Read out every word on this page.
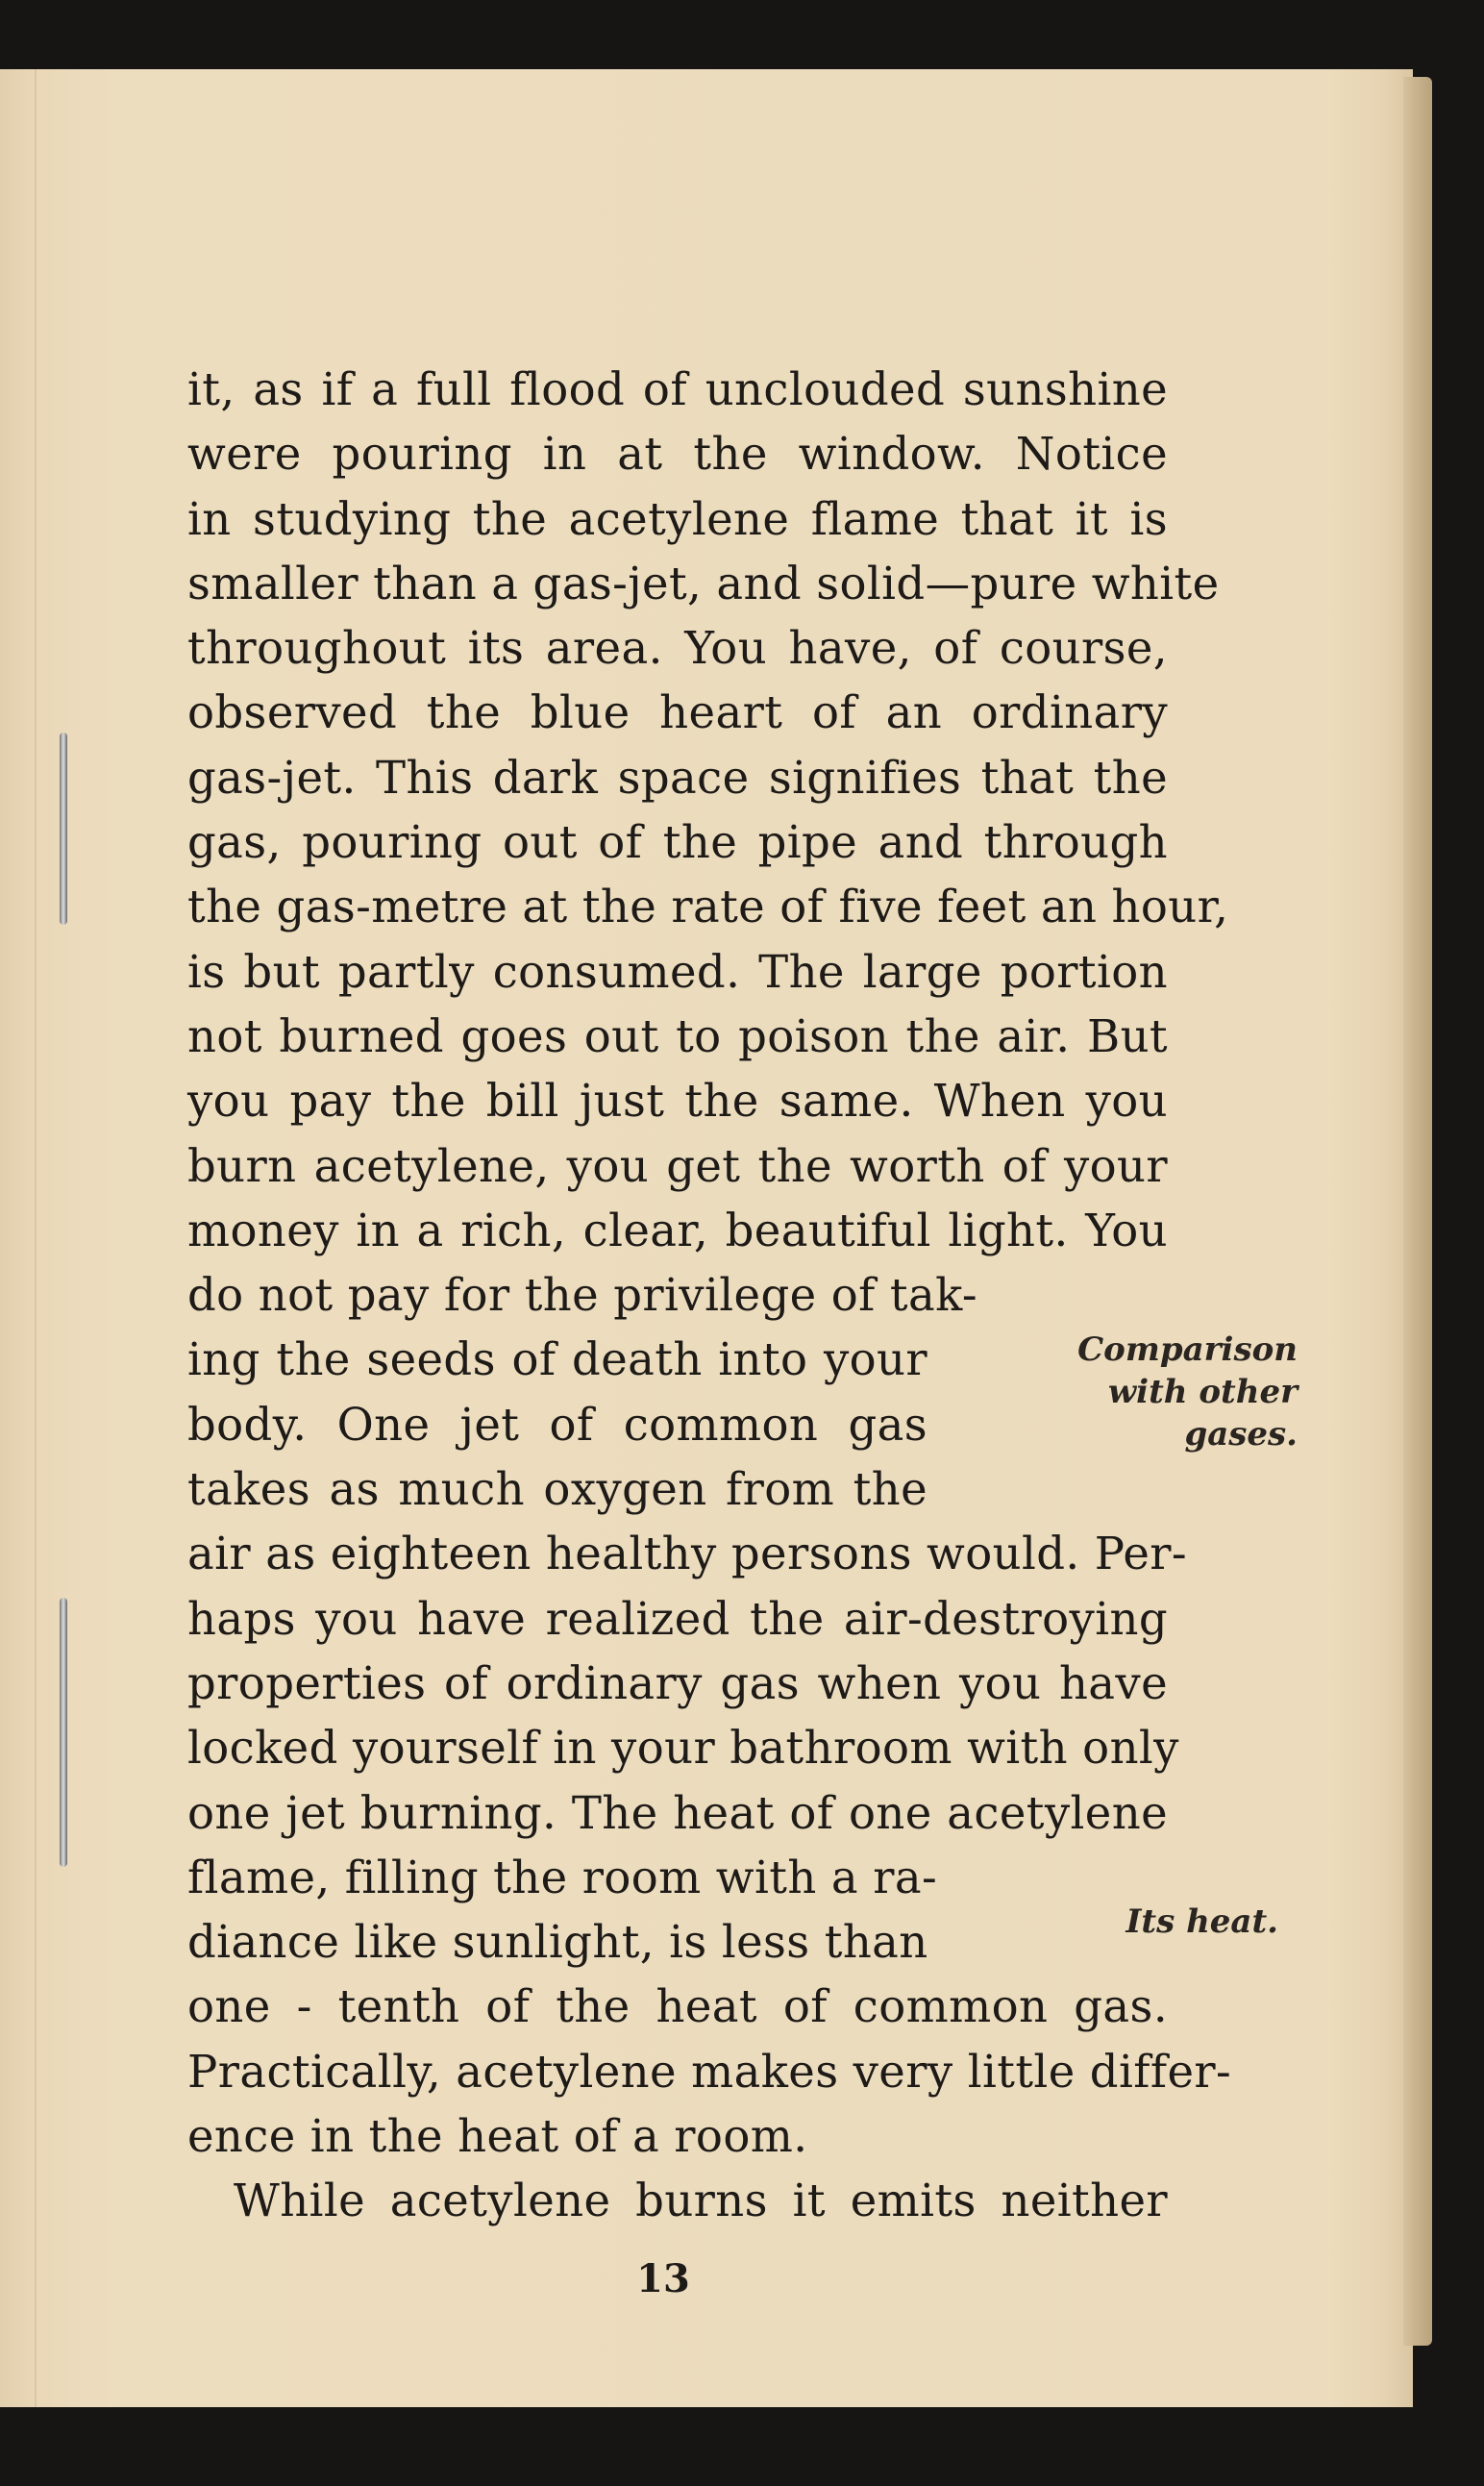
it, as if a full flood of unclouded sunshine
were pouring in at the window. Notice
in studying the acetylene flame that it is
smaller than a gas-jet, and solid—pure white
throughout its area. You have, of course,
observed the blue heart of an ordinary
gas-jet. This dark space signifies that the
gas, pouring out of the pipe and through
the gas-metre at the rate of five feet an hour,
is but partly consumed. The large portion
not burned goes out to poison the air. But
you pay the bill just the same. When you
burn acetylene, you get the worth of your
money in a rich, clear, beautiful light. You
do not pay for the privilege of tak-
ing the seeds of death into your
body. One jet of common gas
takes as much oxygen from the
air as eighteen healthy persons would. Per-
haps you have realized the air-destroying
properties of ordinary gas when you have
locked yourself in your bathroom with only
one jet burning. The heat of one acetylene
flame, filling the room with a ra-
diance like sunlight, is less than
one - tenth of the heat of common gas.
Practically, acetylene makes very little differ-
ence in the heat of a room.
While acetylene burns it emits neither
Comparison
with other
gases.
Its heat.
13
